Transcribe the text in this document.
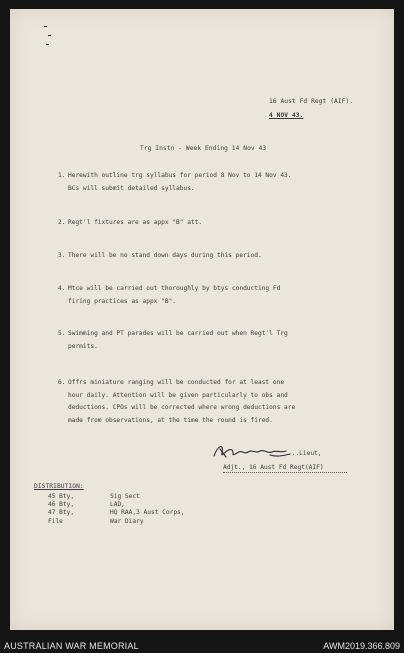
16 Aust Fd Regt (AIF).
4 NOV 43.
Trg Instn - Week Ending 14 Nov 43
1. Herewith outline trg syllabus for period 8 Nov to 14 Nov 43.
BCs will submit detailed syllabus.
2. Regt'l fixtures are as appx "B" att.
3. There will be no stand down days during this period.
4. Mtce will be carried out thoroughly by btys conducting Fd
firing practices as appx "B".
5. Swimming and PT parades will be carried out when Regt'l Trg
permits.
6. Offrs miniature ranging will be conducted for at least one
hour daily. Attention will be given particularly to obs and
deductions. CPOs will be corrected where wrong deductions are
made from observations, at the time the round is fired.
...Lieut,
Adjt., 16 Aust Fd Regt(AIF)
DISTRIBUTION:
45 Bty,
46 Bty,
47 Bty,
File
Sig Sect
LAD,
HQ RAA,3 Aust Corps,
War Diary
AUSTRALIAN WAR MEMORIAL	AWM2019.366.809
